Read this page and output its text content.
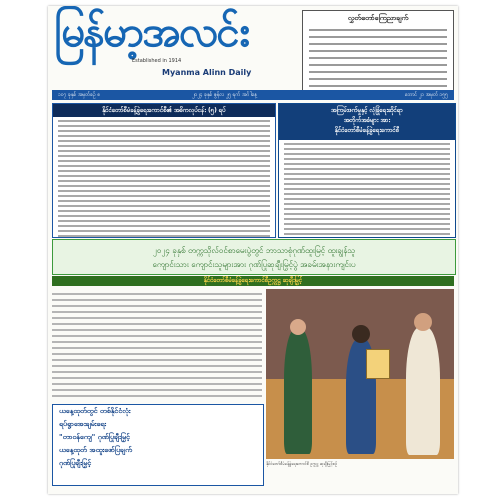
မြန်မာ့အလင်း
Established in 1914
Myanma Alinn Daily
လွှတ်တော်ကြေညာချက်
၁၀၇ ခုနှစ် အမှတ်စဥ် ၈	၂၀၂၄ ခုနှစ် ဇွန်လ ၂၅ ရက် အင်္ဂါနေ့	ဘောင် ၂၁ အမှတ် ၁၅၅
နိုင်ငံတော်စီမံခန့်ခွဲရေးကောင်စီ၏ အဓိကလုပ်ငန်း (၅) ရပ်	အကြမ်းဖက်မှုနှင့် လုံခြုံရေးဆိုင်ရာ
အတိုက်အခံများ အား
နိုင်ငံတော်စီမံခန့်ခွဲရေးကောင်စီ
၂၀၂၄ ခုနှစ် တက္ကသိုလ်ဝင်စာမေးပွဲတွင် ဘာသာစုံဂုဏ်ထူးမြင့် ထူးချွန်သူ
ကျောင်းသား ကျောင်းသူများအား ဂုဏ်ပြုဆုချီးမြှင့်ပွဲ အခမ်းအနားကျင်းပ
နိုင်ငံတော်စီမံခန့်ခွဲရေးကောင်စီဥက္ကဋ္ဌ ဆုချီးမြှင့်
နိုင်ငံတော်စီမံခန့်ခွဲရေးကောင်စီ ဥက္ကဋ္ဌ ဆုချီးမြှင့်စဉ်
ယနေ့ထုတ်တွင် တစ်နိုင်ငံလုံး
ရပ်ရွာအေးချမ်းရေး
"တာဝန်ကျေ" ဂုဏ်ပြုချီးမြှင့်
ယနေ့ထုတ် အထူးဖော်ပြချက်
ဂုဏ်ပြုချီးမြှင့်
